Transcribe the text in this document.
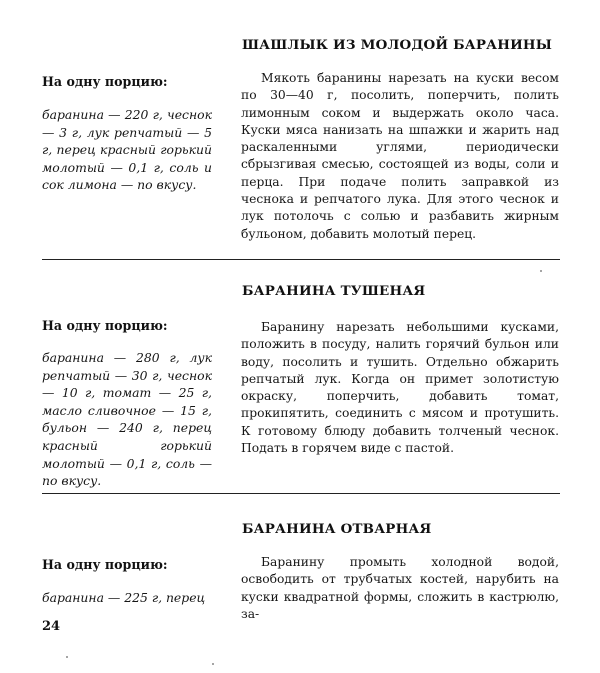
ШАШЛЫК ИЗ МОЛОДОЙ БАРАНИНЫ
На одну порцию:
баранина — 220 г, чеснок — 3 г, лук репчатый — 5 г, перец красный горький молотый — 0,1 г, соль и сок лимона — по вкусу.
Мякоть баранины нарезать на куски весом по 30—40 г, посолить, поперчить, полить лимонным соком и выдержать около часа. Куски мяса нанизать на шпажки и жарить над раскаленными углями, периодически сбрызгивая смесью, состоящей из воды, соли и перца. При подаче полить заправкой из чеснока и репчатого лука. Для этого чеснок и лук потолочь с солью и разбавить жирным бульоном, добавить молотый перец.
БАРАНИНА ТУШЕНАЯ
На одну порцию:
баранина — 280 г, лук репчатый — 30 г, чеснок — 10 г, томат — 25 г, масло сливочное — 15 г, бульон — 240 г, перец красный горький молотый — 0,1 г, соль — по вкусу.
Баранину нарезать небольшими кусками, положить в посуду, налить горячий бульон или воду, посолить и тушить. Отдельно обжарить репчатый лук. Когда он примет золотистую окраску, поперчить, добавить томат, прокипятить, соединить с мясом и протушить. К готовому блюду добавить толченый чеснок. Подать в горячем виде с пастой.
БАРАНИНА ОТВАРНАЯ
На одну порцию:
баранина — 225 г, перец
Баранину промыть холодной водой, освободить от трубчатых костей, нарубить на куски квадратной формы, сложить в кастрюлю, за-
24
